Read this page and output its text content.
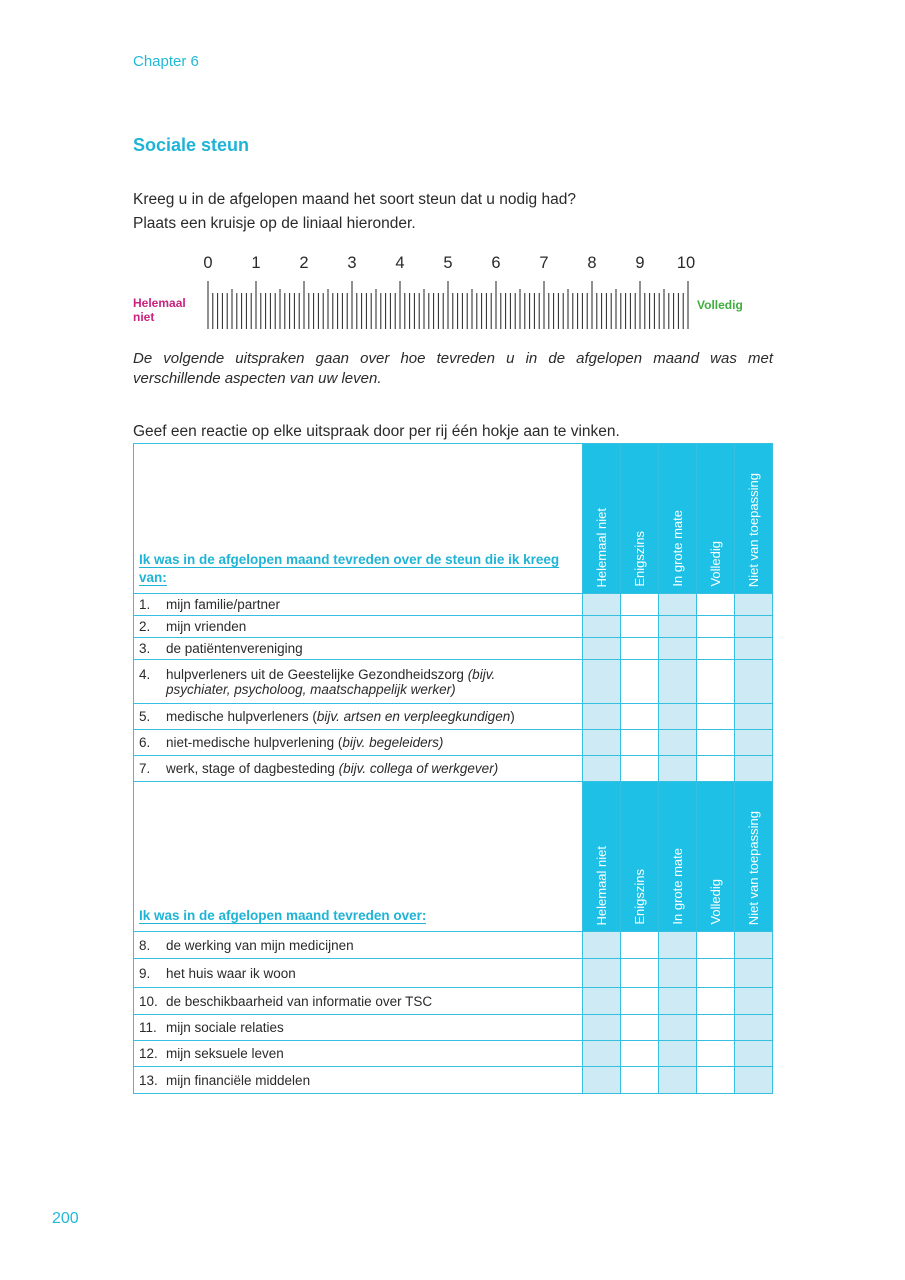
Chapter 6
Sociale steun
Kreeg u in de afgelopen maand het soort steun dat u nodig had?
Plaats een kruisje op de liniaal hieronder.
0 1 2 3 4 5 6 7 8 9 10
Helemaal
niet
Volledig
De volgende uitspraken gaan over hoe tevreden u in de afgelopen maand was met verschillende aspecten van uw leven.
Geef een reactie op elke uitspraak door per rij één hokje aan te vinken.
Ik was in de afgelopen maand tevreden over de steun die ik kreeg van:	Helemaal niet	Enigszins	In grote mate	Volledig	Niet van toepassing

1. mijn familie/partner					
2. mijn vrienden					
3. de patiëntenvereniging					
4. hulpverleners uit de Geestelijke Gezondheidszorg (bijv.
psychiater, psycholoog, maatschappelijk werker)					
5. medische hulpverleners (bijv. artsen en verpleegkundigen)					
6. niet-medische hulpverlening (bijv. begeleiders)					
7. werk, stage of dagbesteding (bijv. collega of werkgever)					
Ik was in de afgelopen maand tevreden over:	Helemaal niet	Enigszins	In grote mate	Volledig	Niet van toepassing

8. de werking van mijn medicijnen					
9. het huis waar ik woon					
10. de beschikbaarheid van informatie over TSC					
11. mijn sociale relaties					
12. mijn seksuele leven					
13. mijn financiële middelen					
200
